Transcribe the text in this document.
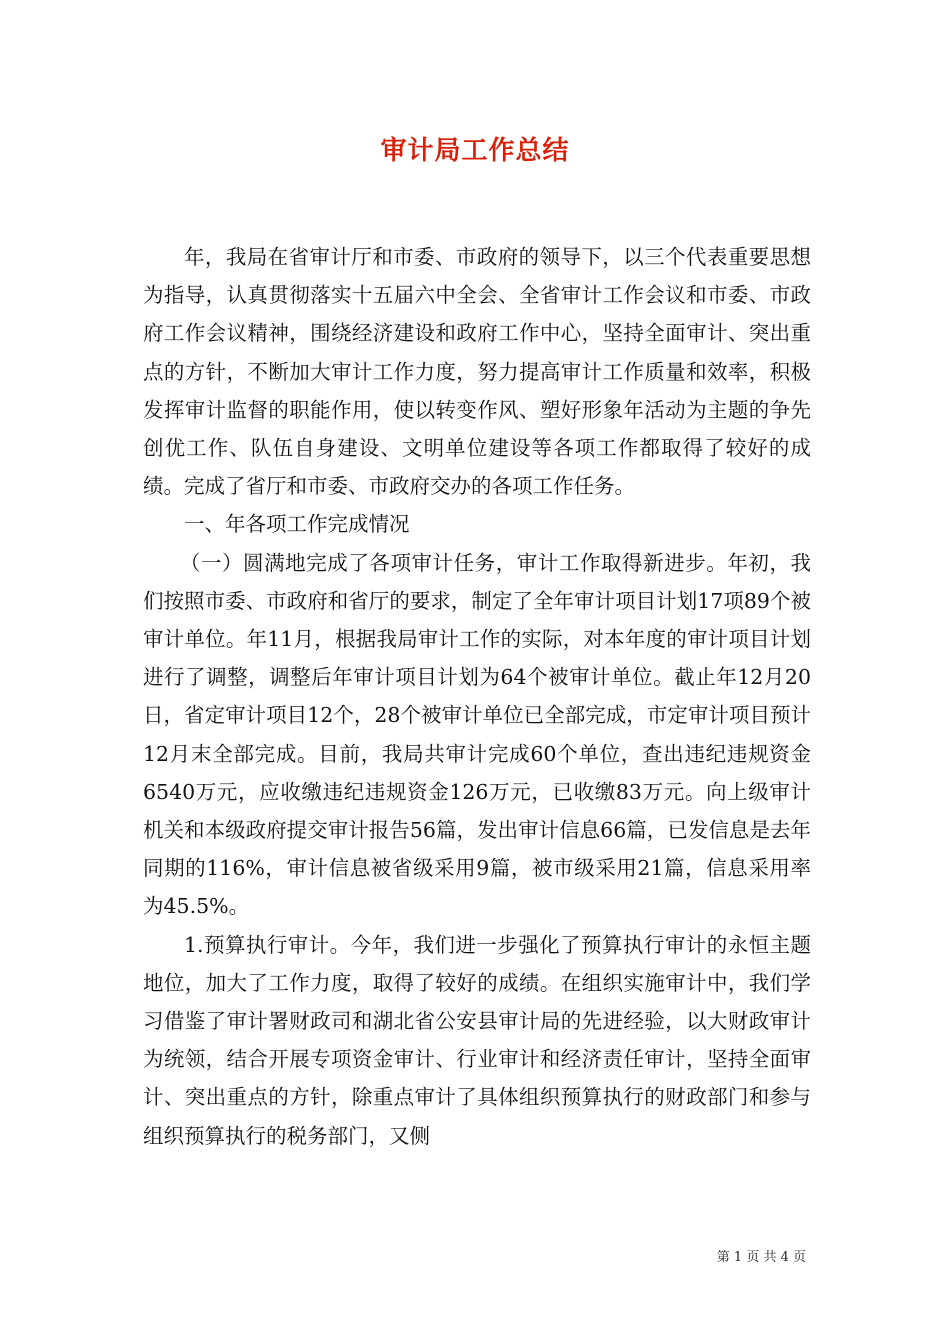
审计局工作总结

年，我局在省审计厅和市委、市政府的领导下，以三个代表重要思想为指导，认真贯彻落实十五届六中全会、全省审计工作会议和市委、市政府工作会议精神，围绕经济建设和政府工作中心，坚持全面审计、突出重点的方针，不断加大审计工作力度，努力提高审计工作质量和效率，积极发挥审计监督的职能作用，使以转变作风、塑好形象年活动为主题的争先创优工作、队伍自身建设、文明单位建设等各项工作都取得了较好的成绩。完成了省厅和市委、市政府交办的各项工作任务。

一、年各项工作完成情况

（一）圆满地完成了各项审计任务，审计工作取得新进步。年初，我们按照市委、市政府和省厅的要求，制定了全年审计项目计划17项89个被审计单位。年11月，根据我局审计工作的实际，对本年度的审计项目计划进行了调整，调整后年审计项目计划为64个被审计单位。截止年12月20日，省定审计项目12个，28个被审计单位已全部完成，市定审计项目预计12月末全部完成。目前，我局共审计完成60个单位，查出违纪违规资金6540万元，应收缴违纪违规资金126万元，已收缴83万元。向上级审计机关和本级政府提交审计报告56篇，发出审计信息66篇，已发信息是去年同期的116%，审计信息被省级采用9篇，被市级采用21篇，信息采用率为45.5%。

1.预算执行审计。今年，我们进一步强化了预算执行审计的永恒主题地位，加大了工作力度，取得了较好的成绩。在组织实施审计中，我们学习借鉴了审计署财政司和湖北省公安县审计局的先进经验，以大财政审计为统领，结合开展专项资金审计、行业审计和经济责任审计，坚持全面审计、突出重点的方针，除重点审计了具体组织预算执行的财政部门和参与组织预算执行的税务部门，又侧

第 1 页 共 4 页
